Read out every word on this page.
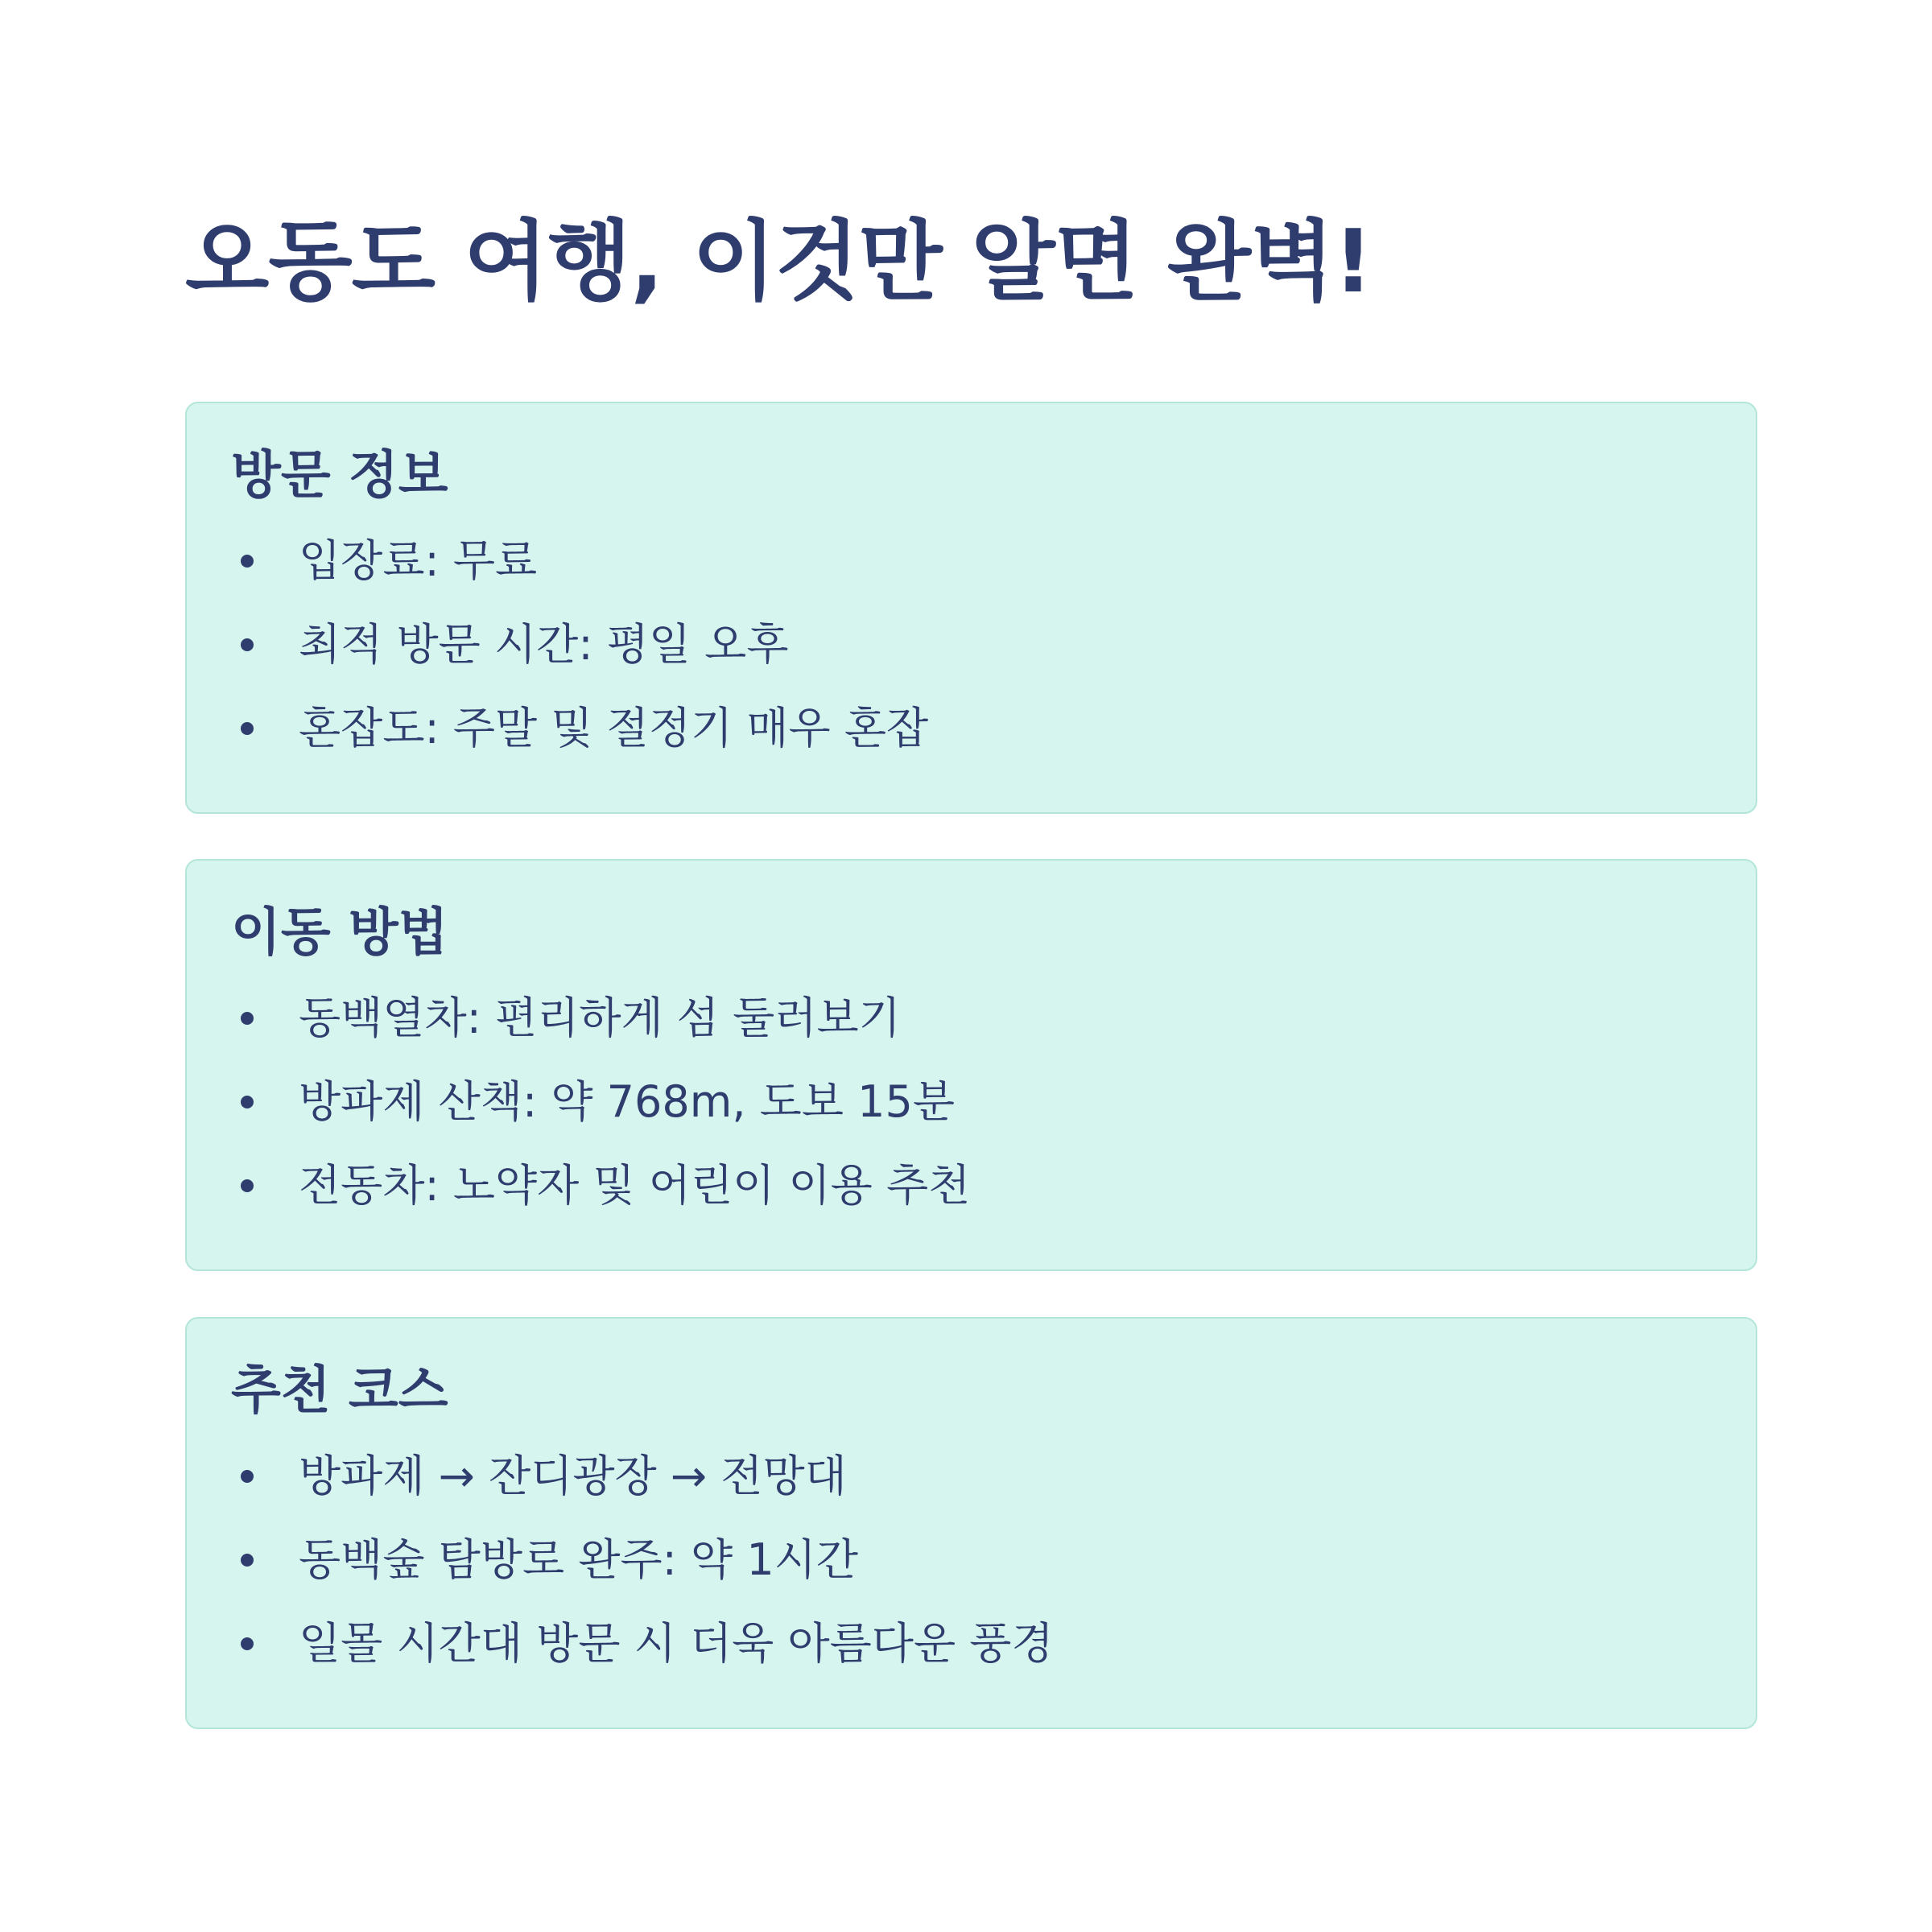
오동도 여행, 이것만 알면 완벽!
방문 정보
입장료: 무료
최적 방문 시간: 평일 오후
혼잡도: 주말 및 절정기 매우 혼잡
이동 방법
동백열차: 편리하게 섬 둘러보기
방파제 산책: 약 768m, 도보 15분
전동차: 노약자 및 어린이 이용 추천
추천 코스
방파제 → 잔디광장 → 전망대
동백숲 탐방로 완주: 약 1시간
일몰 시간대 방문 시 더욱 아름다운 풍경
